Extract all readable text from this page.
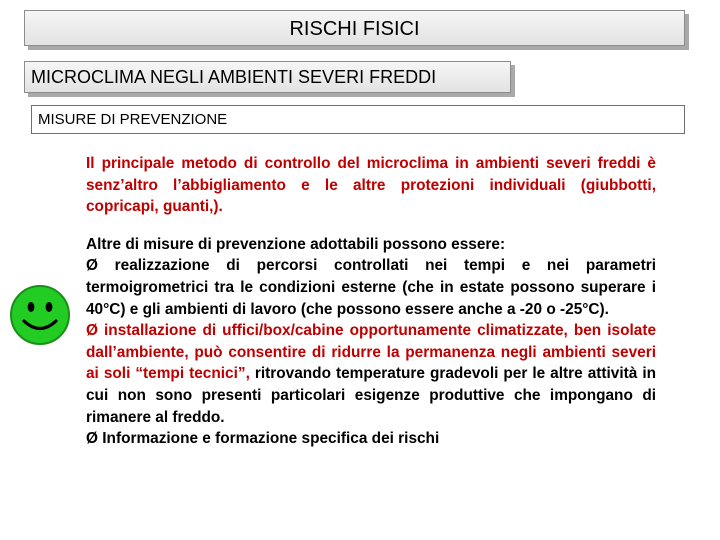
RISCHI FISICI
MICROCLIMA NEGLI AMBIENTI SEVERI FREDDI
MISURE DI PREVENZIONE

Il principale metodo di controllo del microclima in ambienti severi freddi è senz’altro l’abbigliamento e le altre protezioni individuali (giubbotti, copricapi, guanti,).

Altre di misure di prevenzione adottabili possono essere:

Ø realizzazione di percorsi controllati nei tempi e nei parametri termoigrometrici tra le condizioni esterne (che in estate possono superare i 40°C) e gli ambienti di lavoro (che possono essere anche a -20 o -25°C).

Ø installazione di uffici/box/cabine opportunamente climatizzate, ben isolate dall’ambiente, può consentire di ridurre la permanenza negli ambienti severi ai soli “tempi tecnici”, ritrovando temperature gradevoli per le altre attività in cui non sono presenti particolari esigenze produttive che impongano di rimanere al freddo.

Ø Informazione e formazione specifica dei rischi
